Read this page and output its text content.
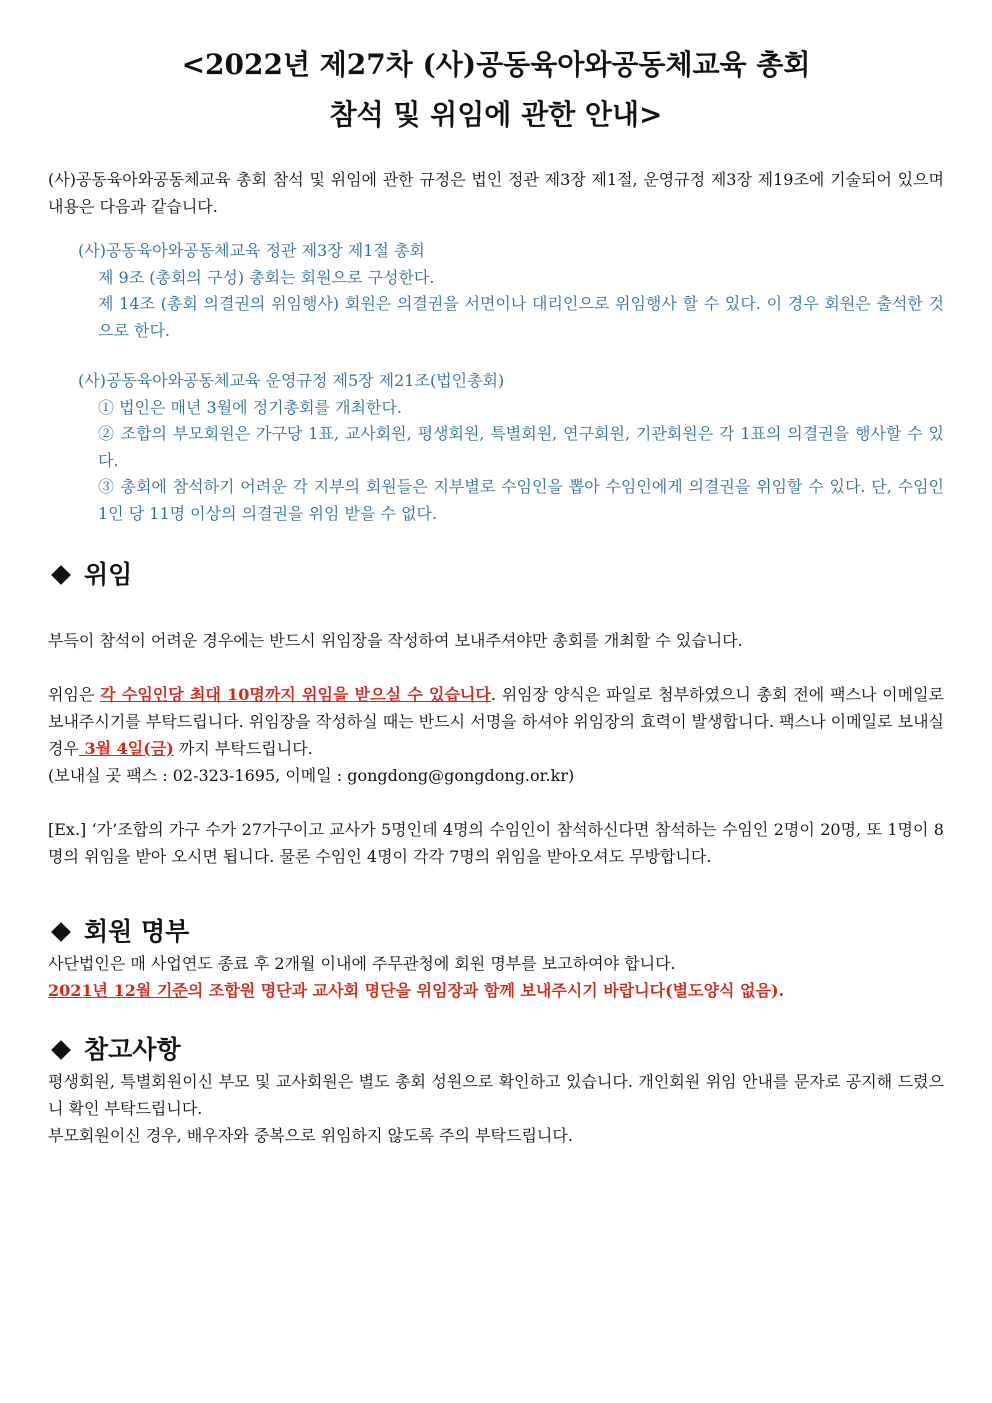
<2022년 제27차 (사)공동육아와공동체교육 총회

참석 및 위임에 관한 안내>

(사)공동육아와공동체교육 총회 참석 및 위임에 관한 규정은 법인 정관 제3장 제1절, 운영규정 제3장 제19조에 기술되어 있으며 내용은 다음과 같습니다.

(사)공동육아와공동체교육 정관 제3장 제1절 총회

제 9조 (총회의 구성) 총회는 회원으로 구성한다.

제 14조 (총회 의결권의 위임행사) 회원은 의결권을 서면이나 대리인으로 위임행사 할 수 있다. 이 경우 회원은 출석한 것으로 한다.

(사)공동육아와공동체교육 운영규정 제5장 제21조(법인총회)

① 법인은 매년 3월에 정기총회를 개최한다.

② 조합의 부모회원은 가구당 1표, 교사회원, 평생회원, 특별회원, 연구회원, 기관회원은 각 1표의 의결권을 행사할 수 있다.

③ 총회에 참석하기 어려운 각 지부의 회원들은 지부별로 수임인을 뽑아 수임인에게 의결권을 위임할 수 있다. 단, 수임인 1인 당 11명 이상의 의결권을 위임 받을 수 없다.

위임

부득이 참석이 어려운 경우에는 반드시 위임장을 작성하여 보내주셔야만 총회를 개최할 수 있습니다.

위임은 각 수임인당 최대 10명까지 위임을 받으실 수 있습니다. 위임장 양식은 파일로 첨부하였으니 총회 전에 팩스나 이메일로 보내주시기를 부탁드립니다. 위임장을 작성하실 때는 반드시 서명을 하셔야 위임장의 효력이 발생합니다. 팩스나 이메일로 보내실 경우 3월 4일(금) 까지 부탁드립니다.

(보내실 곳 팩스 : 02-323-1695, 이메일 : gongdong@gongdong.or.kr)

[Ex.] ‘가’조합의 가구 수가 27가구이고 교사가 5명인데 4명의 수임인이 참석하신다면 참석하는 수임인 2명이 20명, 또 1명이 8명의 위임을 받아 오시면 됩니다. 물론 수임인 4명이 각각 7명의 위임을 받아오셔도 무방합니다.

회원 명부

사단법인은 매 사업연도 종료 후 2개월 이내에 주무관청에 회원 명부를 보고하여야 합니다.

2021년 12월 기준의 조합원 명단과 교사회 명단을 위임장과 함께 보내주시기 바랍니다(별도양식 없음).

참고사항

평생회원, 특별회원이신 부모 및 교사회원은 별도 총회 성원으로 확인하고 있습니다. 개인회원 위임 안내를 문자로 공지해 드렸으니 확인 부탁드립니다.

부모회원이신 경우, 배우자와 중복으로 위임하지 않도록 주의 부탁드립니다.
